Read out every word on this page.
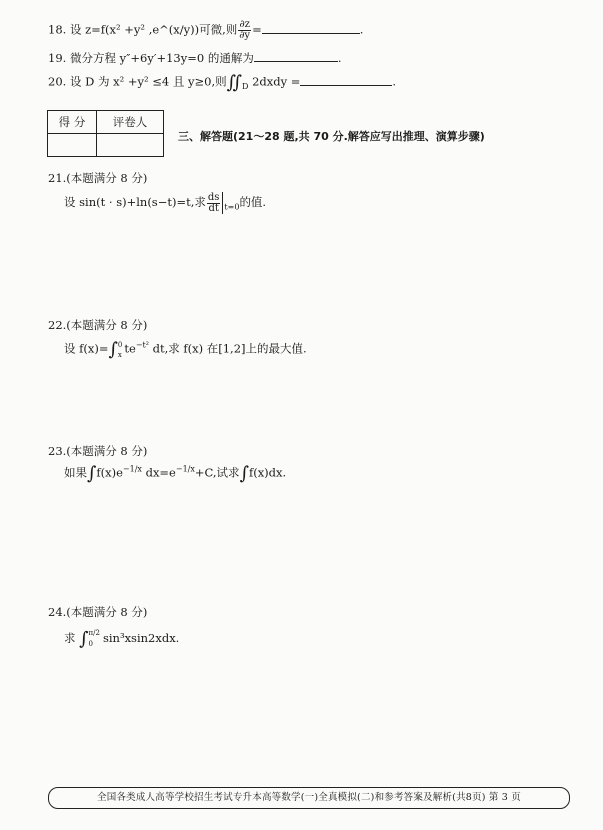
18. 设 z=f(x² +y² ,e^(x/y))可微,则 $\frac{\partial z}{\partial y}$ =	.
19. 微分方程 y″+6y′+13y=0 的通解为	.
20. 设 D 为 x² +y² ≤4 且 y≥0,则$∬_D$ 2dxdy =	.
得 分	评卷人

三、解答题(21～28 题,共 70 分.解答应写出推理、演算步骤)
21.(本题满分 8 分)
设 sin(t · s)+ln(s−t)=t,求 $\frac{ds}{dt} _{t=0}$的值.
22.(本题满分 8 分)
设 f(x)=∫ 0
x $te^{-t^2}$ dt,求 f(x) 在[1,2]上的最大值.
23.(本题满分 8 分)
如果$\int f(x)e^{-1/x}$ $dx=e^{-1/x}+C$,试求∫f(x)dx.
24.(本题满分 8 分)
求 ∫ π/2
0 sin³xsin2xdx.
全国各类成人高等学校招生考试专升本高等数学(一)全真模拟(二)和参考答案及解析(共8页) 第 3 页
